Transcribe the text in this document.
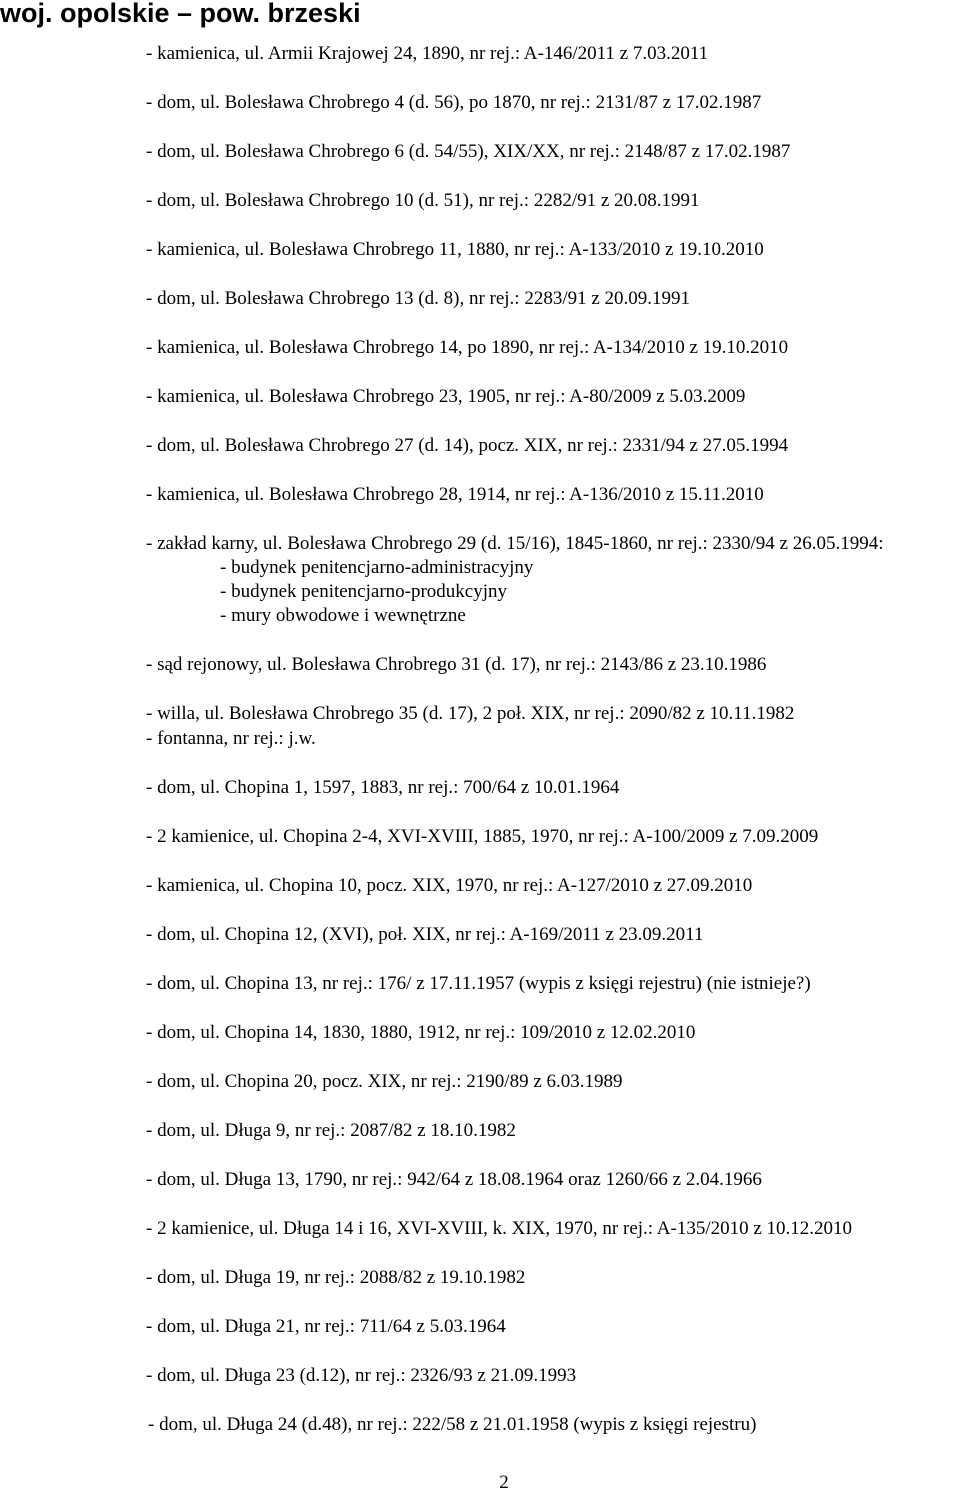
woj. opolskie – pow. brzeski
- kamienica, ul. Armii Krajowej 24, 1890, nr rej.: A-146/2011 z 7.03.2011
- dom, ul. Bolesława Chrobrego 4 (d. 56), po 1870, nr rej.: 2131/87 z 17.02.1987
- dom, ul. Bolesława Chrobrego 6 (d. 54/55), XIX/XX, nr rej.: 2148/87 z 17.02.1987
- dom, ul. Bolesława Chrobrego 10 (d. 51), nr rej.: 2282/91 z 20.08.1991
- kamienica, ul. Bolesława Chrobrego 11, 1880, nr rej.: A-133/2010 z 19.10.2010
- dom, ul. Bolesława Chrobrego 13 (d. 8), nr rej.: 2283/91 z 20.09.1991
- kamienica, ul. Bolesława Chrobrego 14, po 1890, nr rej.: A-134/2010 z 19.10.2010
- kamienica, ul. Bolesława Chrobrego 23, 1905, nr rej.: A-80/2009 z 5.03.2009
- dom, ul. Bolesława Chrobrego 27 (d. 14), pocz. XIX, nr rej.: 2331/94 z 27.05.1994
- kamienica, ul. Bolesława Chrobrego 28, 1914, nr rej.: A-136/2010 z 15.11.2010
- zakład karny, ul. Bolesława Chrobrego 29 (d. 15/16), 1845-1860, nr rej.: 2330/94 z 26.05.1994:
- budynek penitencjarno-administracyjny
- budynek penitencjarno-produkcyjny
- mury obwodowe i wewnętrzne
- sąd rejonowy, ul. Bolesława Chrobrego 31 (d. 17), nr rej.: 2143/86 z 23.10.1986
- willa, ul. Bolesława Chrobrego 35 (d. 17), 2 poł. XIX, nr rej.: 2090/82 z 10.11.1982
- fontanna, nr rej.: j.w.
- dom, ul. Chopina 1, 1597, 1883, nr rej.: 700/64 z 10.01.1964
- 2 kamienice, ul. Chopina 2-4, XVI-XVIII, 1885, 1970, nr rej.: A-100/2009 z 7.09.2009
- kamienica, ul. Chopina 10, pocz. XIX, 1970, nr rej.: A-127/2010 z 27.09.2010
- dom, ul. Chopina 12, (XVI), poł. XIX, nr rej.: A-169/2011 z 23.09.2011
- dom, ul. Chopina 13, nr rej.: 176/ z 17.11.1957 (wypis z księgi rejestru) (nie istnieje?)
- dom, ul. Chopina 14, 1830, 1880, 1912, nr rej.: 109/2010 z 12.02.2010
- dom, ul. Chopina 20, pocz. XIX, nr rej.: 2190/89 z 6.03.1989
- dom, ul. Długa 9, nr rej.: 2087/82 z 18.10.1982
- dom, ul. Długa 13, 1790, nr rej.: 942/64 z 18.08.1964 oraz 1260/66 z 2.04.1966
- 2 kamienice, ul. Długa 14 i 16, XVI-XVIII, k. XIX, 1970, nr rej.: A-135/2010 z 10.12.2010
- dom, ul. Długa 19, nr rej.: 2088/82 z 19.10.1982
- dom, ul. Długa 21, nr rej.: 711/64 z 5.03.1964
- dom, ul. Długa 23 (d.12), nr rej.: 2326/93 z 21.09.1993
- dom, ul. Długa 24 (d.48), nr rej.: 222/58 z 21.01.1958 (wypis z księgi rejestru)
2
